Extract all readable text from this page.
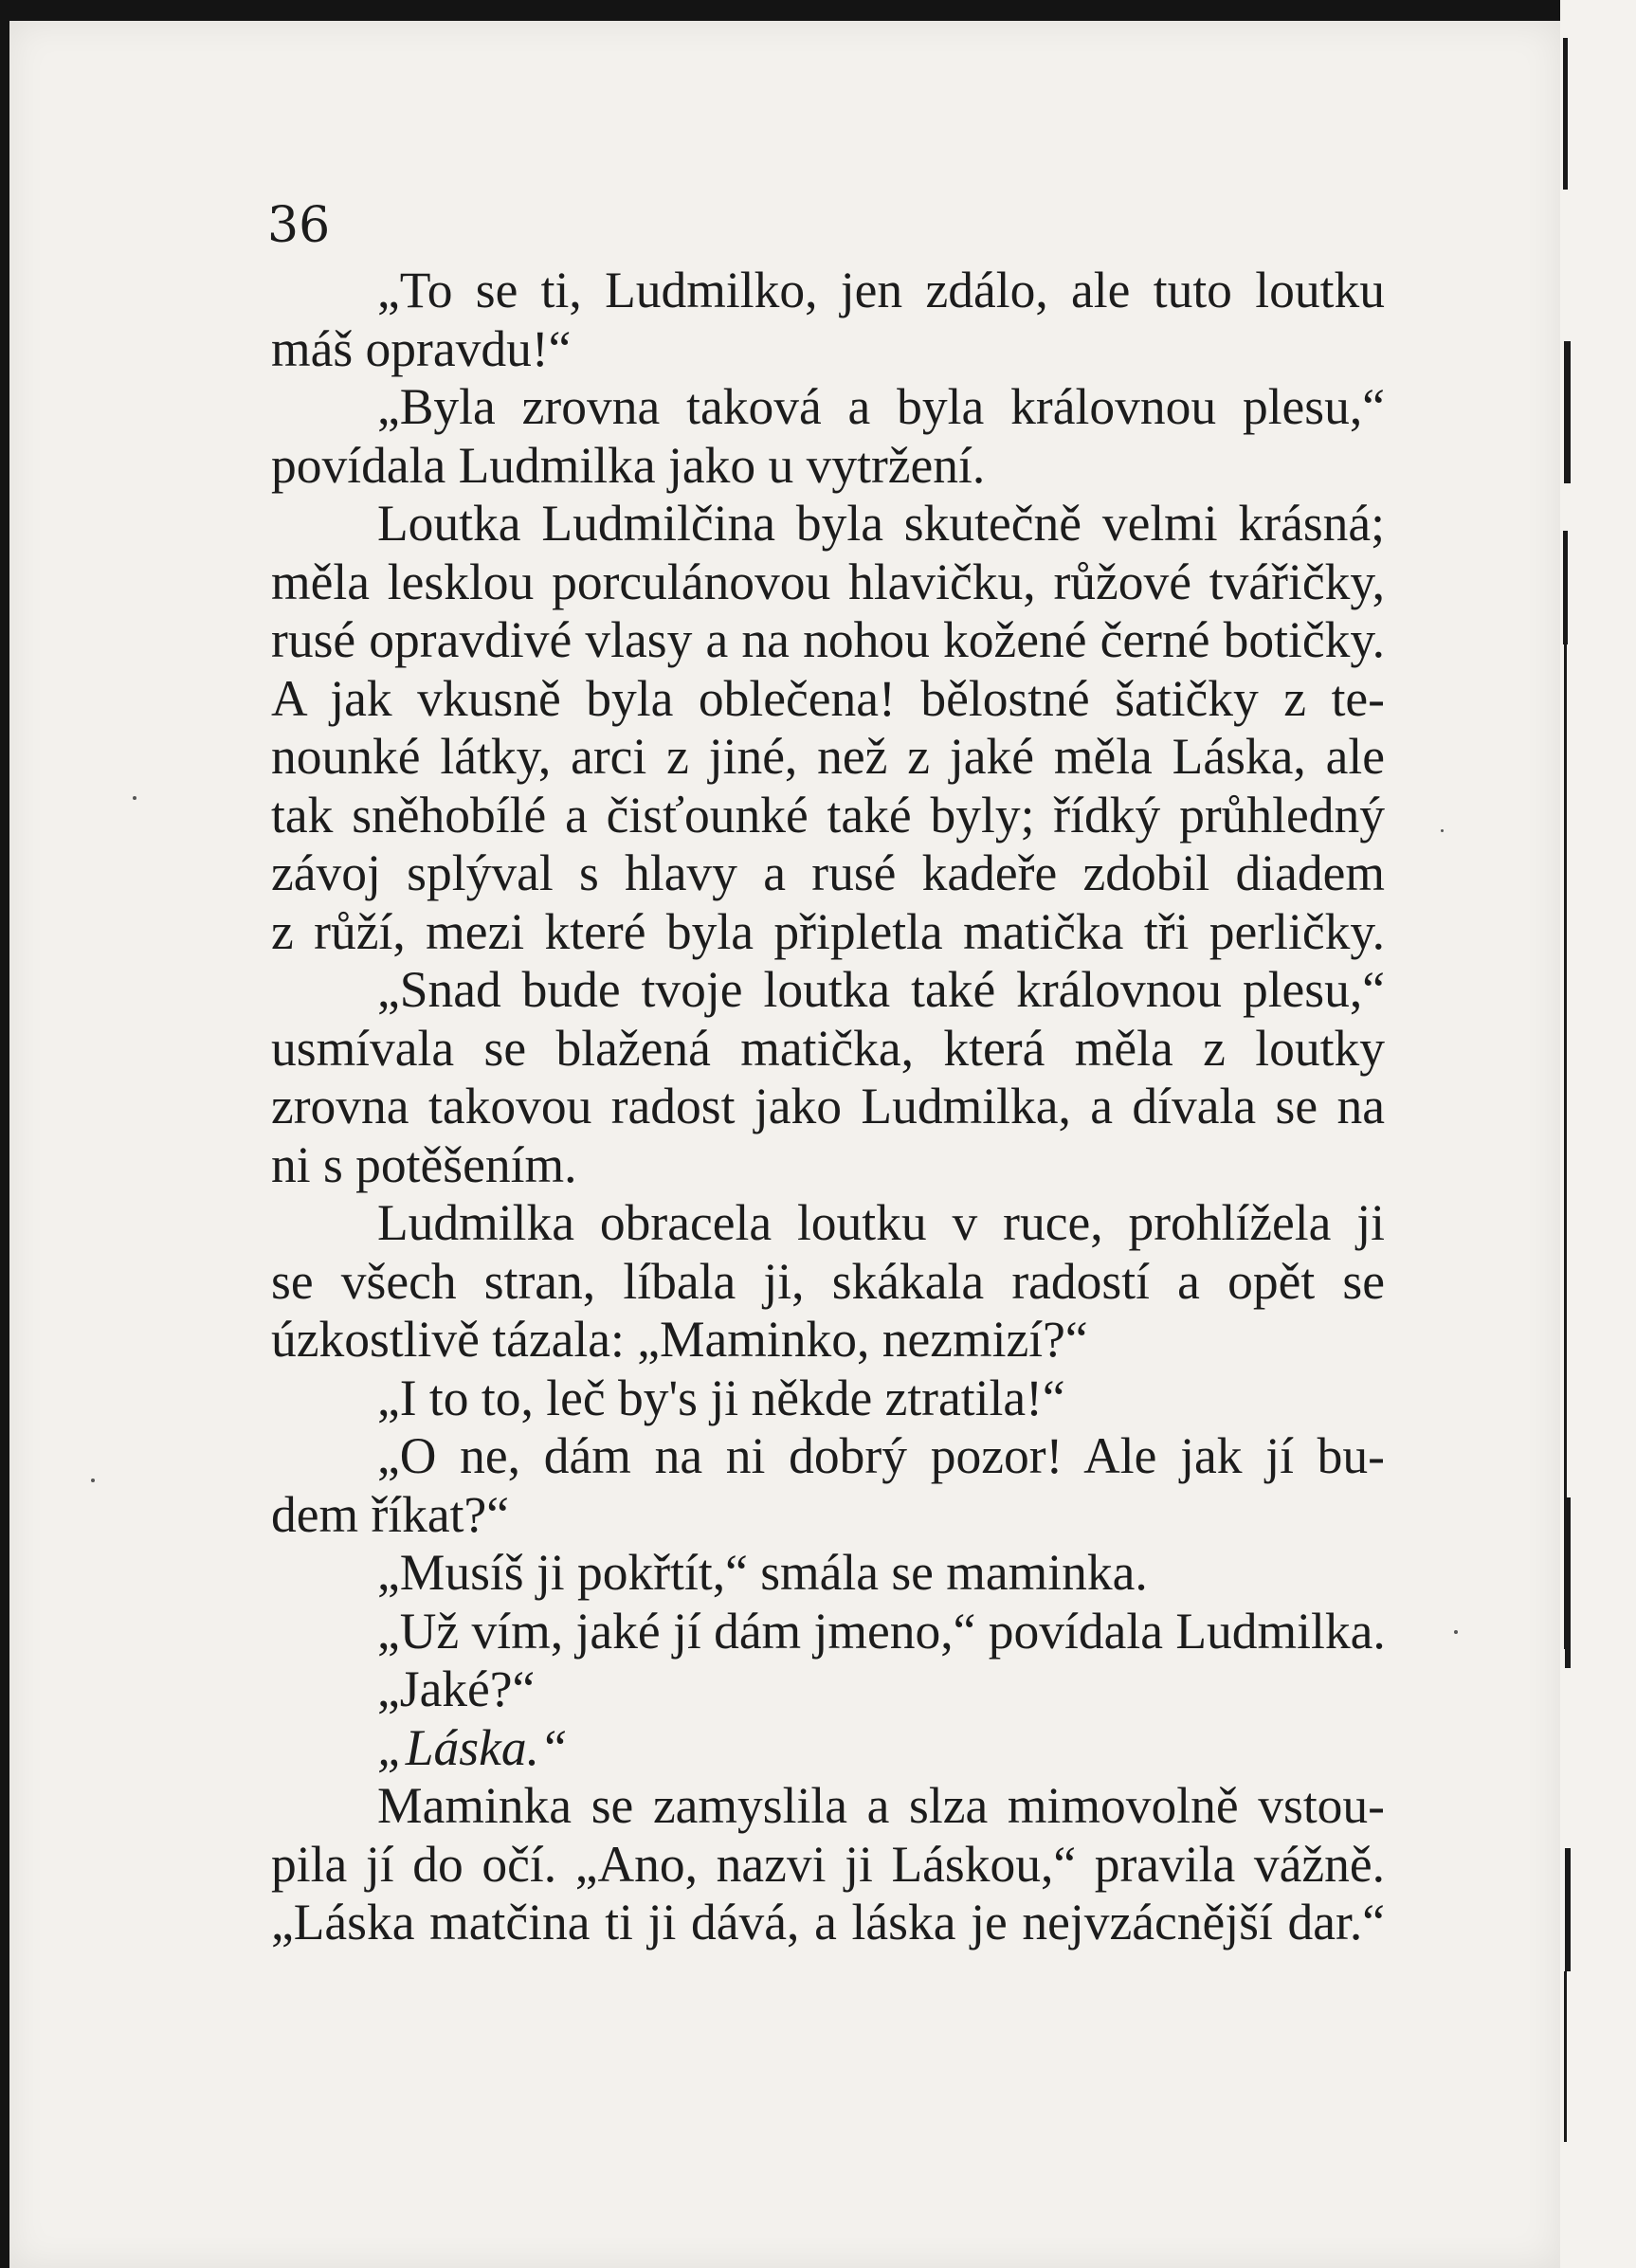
36

„To se ti, Ludmilko, jen zdálo, ale tuto loutku
máš opravdu!“
„Byla zrovna taková a byla královnou plesu,“
povídala Ludmilka jako u vytržení.
Loutka Ludmilčina byla skutečně velmi krásná;
měla lesklou porculánovou hlavičku, růžové tvářičky,
rusé opravdivé vlasy a na nohou kožené černé botičky.
A jak vkusně byla oblečena! bělostné šatičky z te-
nounké látky, arci z jiné, než z jaké měla Láska, ale
tak sněhobílé a čisťounké také byly; řídký průhledný
závoj splýval s hlavy a rusé kadeře zdobil diadem
z růží, mezi které byla připletla matička tři perličky.
„Snad bude tvoje loutka také královnou plesu,“
usmívala se blažená matička, která měla z loutky
zrovna takovou radost jako Ludmilka, a dívala se na
ni s potěšením.
Ludmilka obracela loutku v ruce, prohlížela ji
se všech stran, líbala ji, skákala radostí a opět se
úzkostlivě tázala: „Maminko, nezmizí?“
„I to to, leč by's ji někde ztratila!“
„O ne, dám na ni dobrý pozor! Ale jak jí bu-
dem říkat?“
„Musíš ji pokřtít,“ smála se maminka.
„Už vím, jaké jí dám jmeno,“ povídala Ludmilka.
„Jaké?“
„Láska.“
Maminka se zamyslila a slza mimovolně vstou-
pila jí do očí. „Ano, nazvi ji Láskou,“ pravila vážně.
„Láska matčina ti ji dává, a láska je nejvzácnější dar.“
